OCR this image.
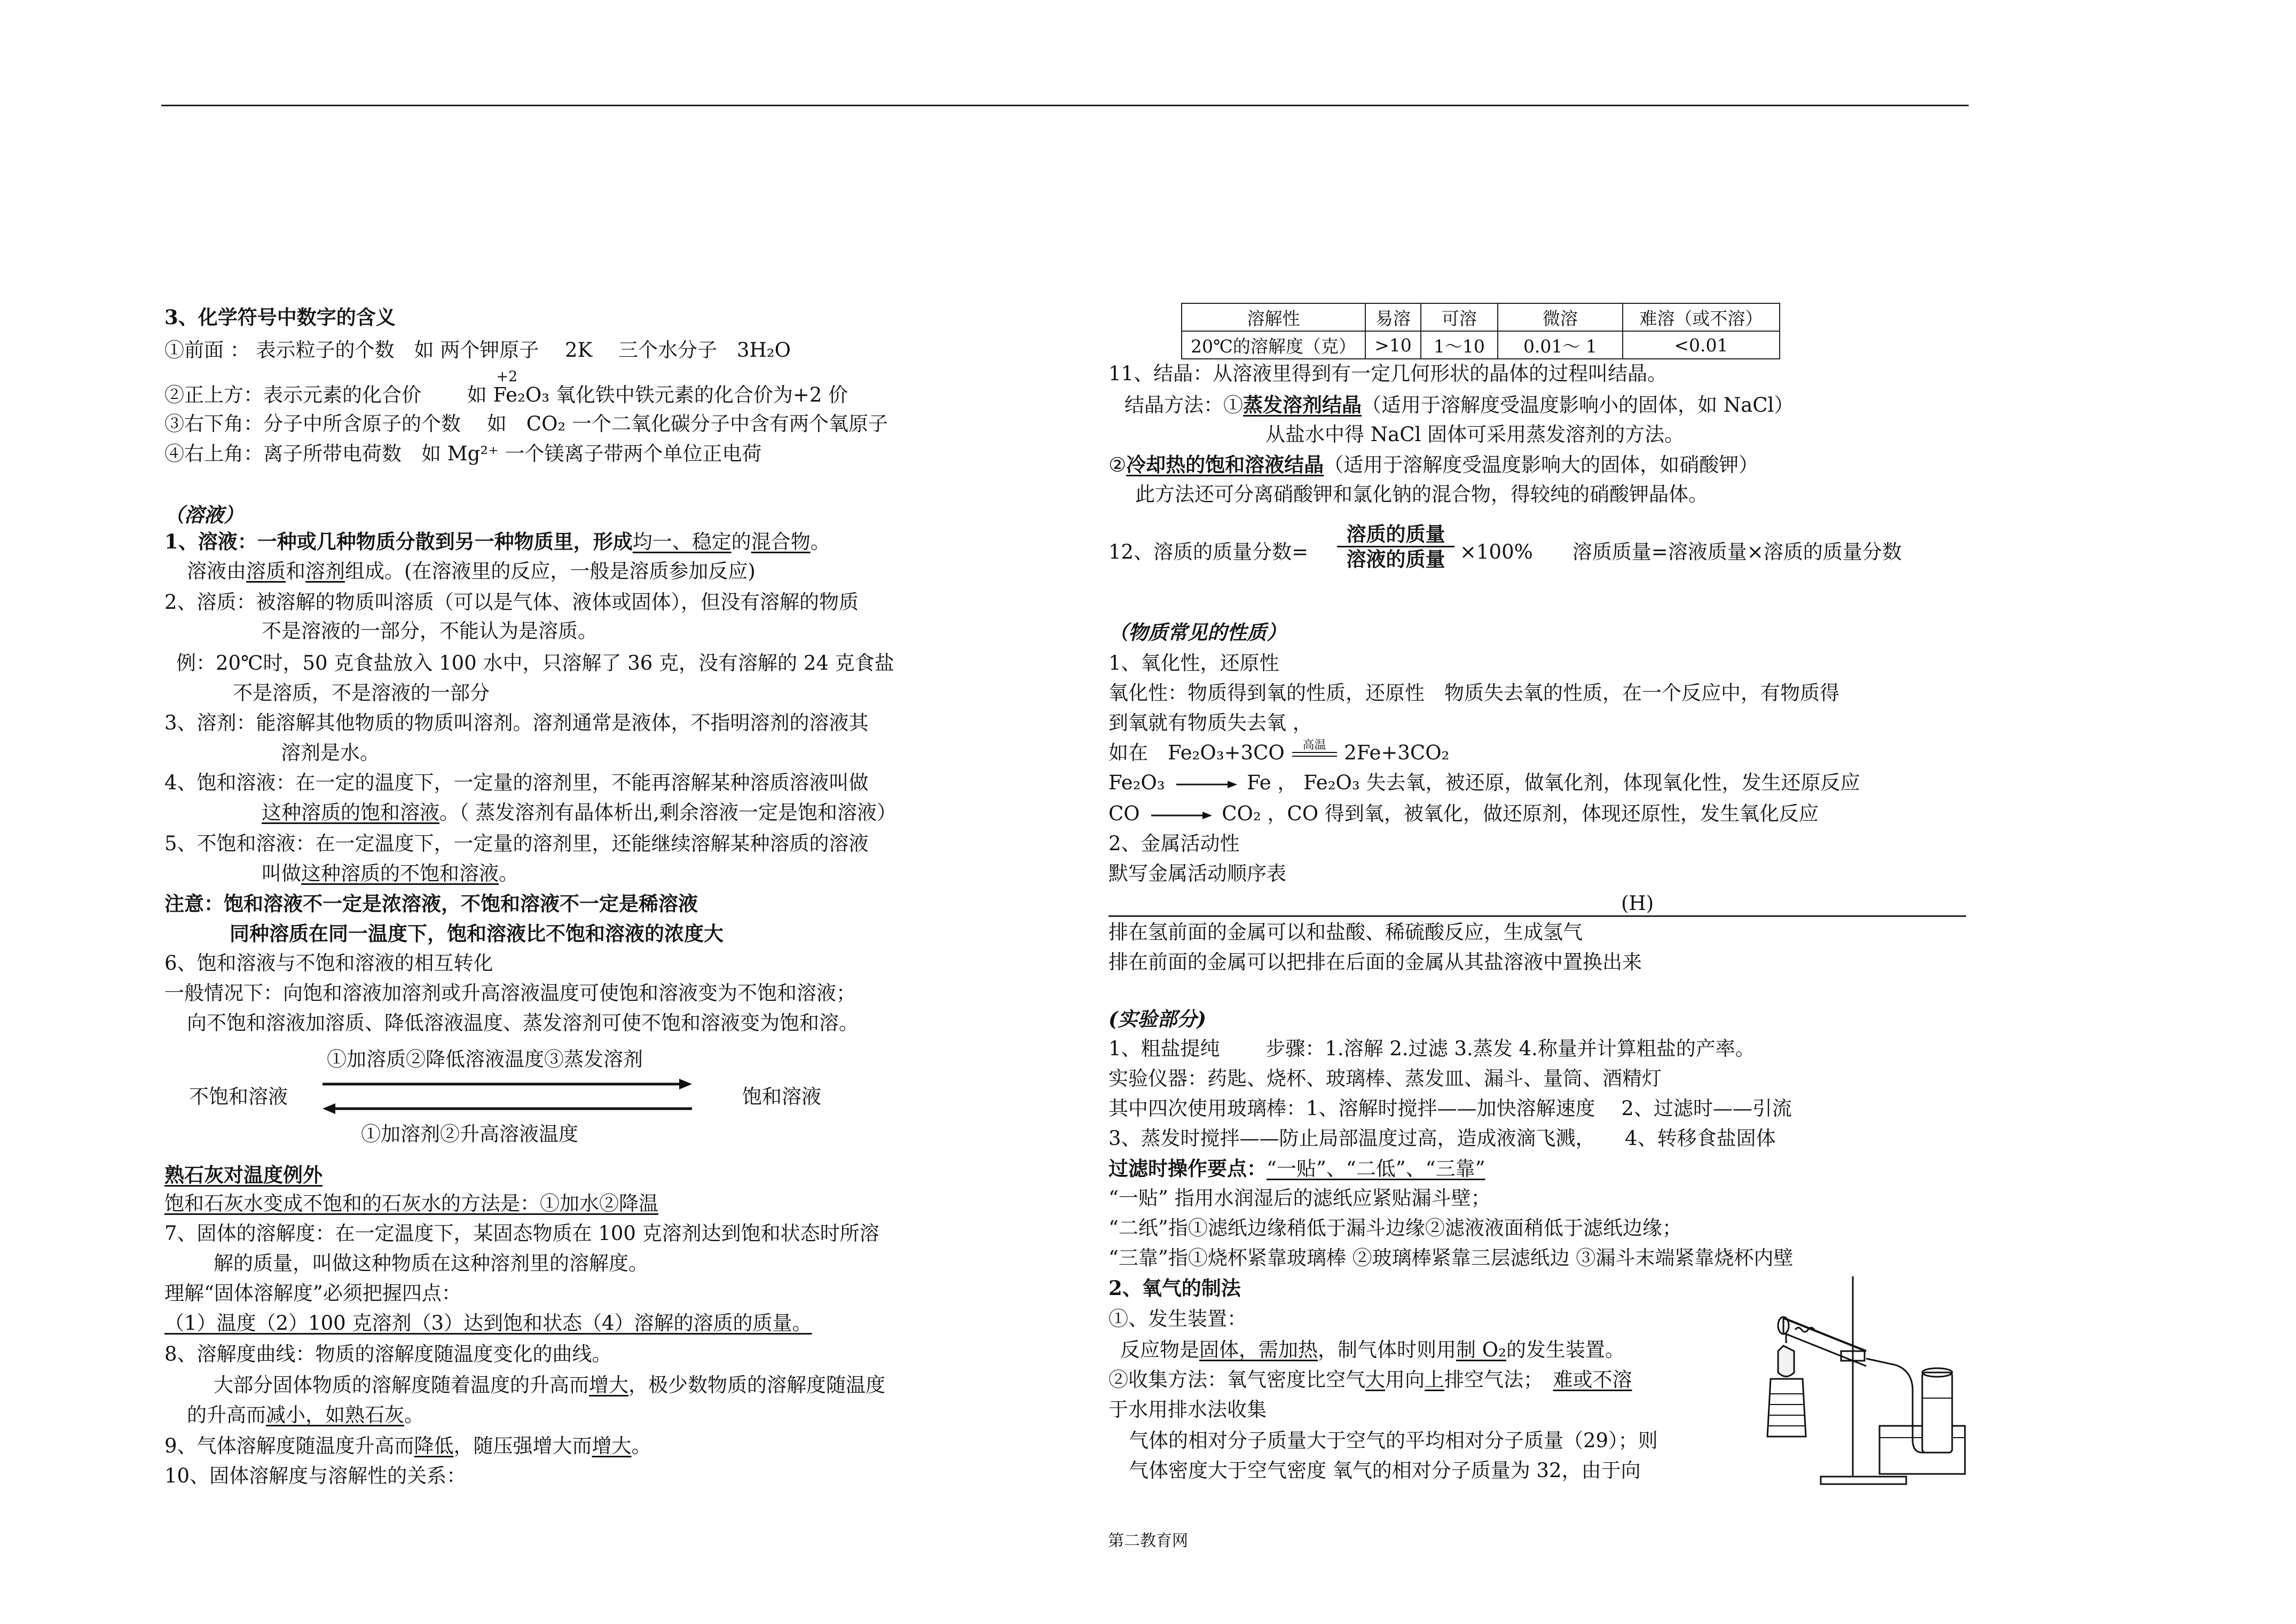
3、化学符号中数字的含义
①前面 ： 表示粒子的个数　如 两个钾原子　 2K　 三个水分子　3H₂O
②正上方：表示元素的化合价　 　如
+2
Fe₂O₃ 氧化铁中铁元素的化合价为+2 价
③右下角：分子中所含原子的个数　 如　CO₂ 一个二氧化碳分子中含有两个氧原子
④右上角：离子所带电荷数　如 Mg²⁺ 一个镁离子带两个单位正电荷
（溶液）
1、溶液：一种或几种物质分散到另一种物质里，形成均一、稳定的混合物。
溶液由溶质和溶剂组成。(在溶液里的反应，一般是溶质参加反应)
2、溶质：被溶解的物质叫溶质（可以是气体、液体或固体），但没有溶解的物质
不是溶液的一部分，不能认为是溶质。
例：20℃时，50 克食盐放入 100 水中，只溶解了 36 克，没有溶解的 24 克食盐
不是溶质，不是溶液的一部分
3、溶剂：能溶解其他物质的物质叫溶剂。溶剂通常是液体，不指明溶剂的溶液其
溶剂是水。
4、饱和溶液：在一定的温度下，一定量的溶剂里，不能再溶解某种溶质溶液叫做
这种溶质的饱和溶液。（ 蒸发溶剂有晶体析出,剩余溶液一定是饱和溶液）
5、不饱和溶液：在一定温度下，一定量的溶剂里，还能继续溶解某种溶质的溶液
叫做这种溶质的不饱和溶液。
注意：饱和溶液不一定是浓溶液，不饱和溶液不一定是稀溶液
同种溶质在同一温度下，饱和溶液比不饱和溶液的浓度大
6、饱和溶液与不饱和溶液的相互转化
一般情况下：向饱和溶液加溶剂或升高溶液温度可使饱和溶液变为不饱和溶液；
向不饱和溶液加溶质、降低溶液温度、蒸发溶剂可使不饱和溶液变为饱和溶。
①加溶质②降低溶液温度③蒸发溶剂
不饱和溶液	饱和溶液
①加溶剂②升高溶液温度
熟石灰对温度例外
饱和石灰水变成不饱和的石灰水的方法是：①加水②降温
7、固体的溶解度：在一定温度下，某固态物质在 100 克溶剂达到饱和状态时所溶
解的质量，叫做这种物质在这种溶剂里的溶解度。
理解“固体溶解度”必须把握四点：
（1）温度（2）100 克溶剂（3）达到饱和状态（4）溶解的溶质的质量。
8、溶解度曲线：物质的溶解度随温度变化的曲线。
大部分固体物质的溶解度随着温度的升高而增大，极少数物质的溶解度随温度
的升高而减小，如熟石灰。
9、气体溶解度随温度升高而降低，随压强增大而增大。
10、固体溶解度与溶解性的关系：
溶解性	易溶	可溶	微溶	难溶（或不溶）
20℃的溶解度（克）	>10	1～10	0.01～ 1	<0.01
11、结晶：从溶液里得到有一定几何形状的晶体的过程叫结晶。
结晶方法：①蒸发溶剂结晶（适用于溶解度受温度影响小的固体，如 NaCl）
从盐水中得 NaCl 固体可采用蒸发溶剂的方法。
②冷却热的饱和溶液结晶（适用于溶解度受温度影响大的固体，如硝酸钾）
此方法还可分离硝酸钾和氯化钠的混合物，得较纯的硝酸钾晶体。
12、溶质的质量分数=
溶质的质量
溶液的质量 ×100%　　溶质质量=溶液质量×溶质的质量分数
（物质常见的性质）
1、氧化性，还原性
氧化性：物质得到氧的性质，还原性　物质失去氧的性质，在一个反应中，有物质得
到氧就有物质失去氧 ，
如在　Fe₂O₃+3CO	高温 2Fe+3CO₂
Fe₂O₃	Fe ， Fe₂O₃ 失去氧，被还原，做氧化剂，体现氧化性，发生还原反应
CO	CO₂ ，CO 得到氧，被氧化，做还原剂，体现还原性，发生氧化反应
2、金属活动性
默写金属活动顺序表
(H)
排在氢前面的金属可以和盐酸、稀硫酸反应，生成氢气
排在前面的金属可以把排在后面的金属从其盐溶液中置换出来
(实验部分)
1、粗盐提纯　　 步骤：1.溶解 2.过滤 3.蒸发 4.称量并计算粗盐的产率。
实验仪器：药匙、烧杯、玻璃棒、蒸发皿、漏斗、量筒、酒精灯
其中四次使用玻璃棒：1、溶解时搅拌——加快溶解速度　 2、过滤时——引流
3、蒸发时搅拌——防止局部温度过高，造成液滴飞溅，　　4、转移食盐固体
过滤时操作要点：“一贴”、“二低”、“三靠”
“一贴” 指用水润湿后的滤纸应紧贴漏斗壁；
“二纸”指①滤纸边缘稍低于漏斗边缘②滤液液面稍低于滤纸边缘；
“三靠”指①烧杯紧靠玻璃棒 ②玻璃棒紧靠三层滤纸边 ③漏斗末端紧靠烧杯内壁
2、氧气的制法
①、发生装置：
反应物是固体，需加热，制气体时则用制 O₂的发生装置。
②收集方法：氧气密度比空气大用向上排空气法；　难或不溶
于水用排水法收集
气体的相对分子质量大于空气的平均相对分子质量（29）；则
气体密度大于空气密度 氧气的相对分子质量为 32，由于向
第二教育网
